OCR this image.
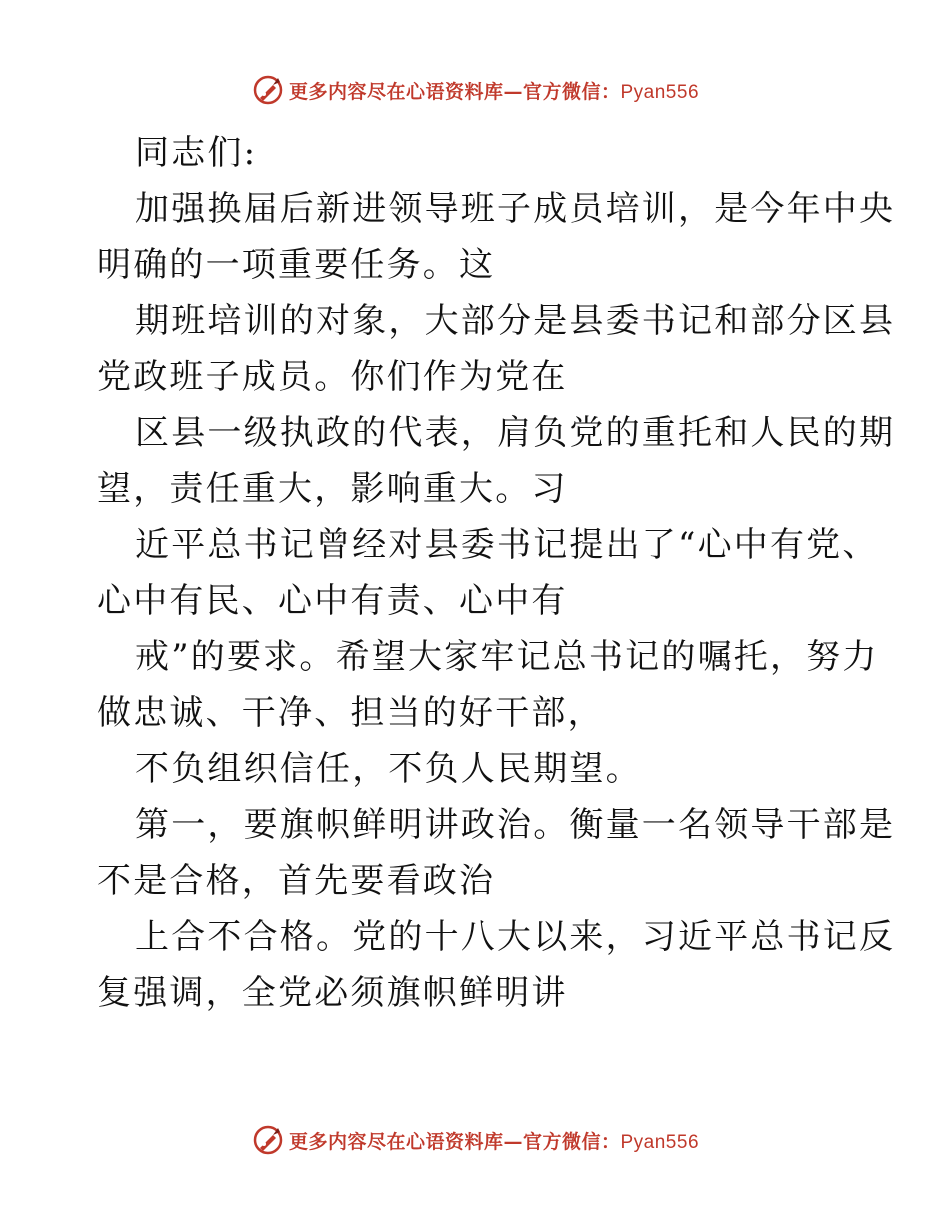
更多内容尽在心语资料库—官方微信：Pyan556
同志们:
加强换届后新进领导班子成员培训，是今年中央
明确的一项重要任务。这
期班培训的对象，大部分是县委书记和部分区县
党政班子成员。你们作为党在
区县一级执政的代表，肩负党的重托和人民的期
望，责任重大，影响重大。习
近平总书记曾经对县委书记提出了“心中有党、
心中有民、心中有责、心中有
戒”的要求。希望大家牢记总书记的嘱托，努力
做忠诚、干净、担当的好干部，
不负组织信任，不负人民期望。
第一，要旗帜鲜明讲政治。衡量一名领导干部是
不是合格，首先要看政治
上合不合格。党的十八大以来，习近平总书记反
复强调，全党必须旗帜鲜明讲
更多内容尽在心语资料库—官方微信：Pyan556
